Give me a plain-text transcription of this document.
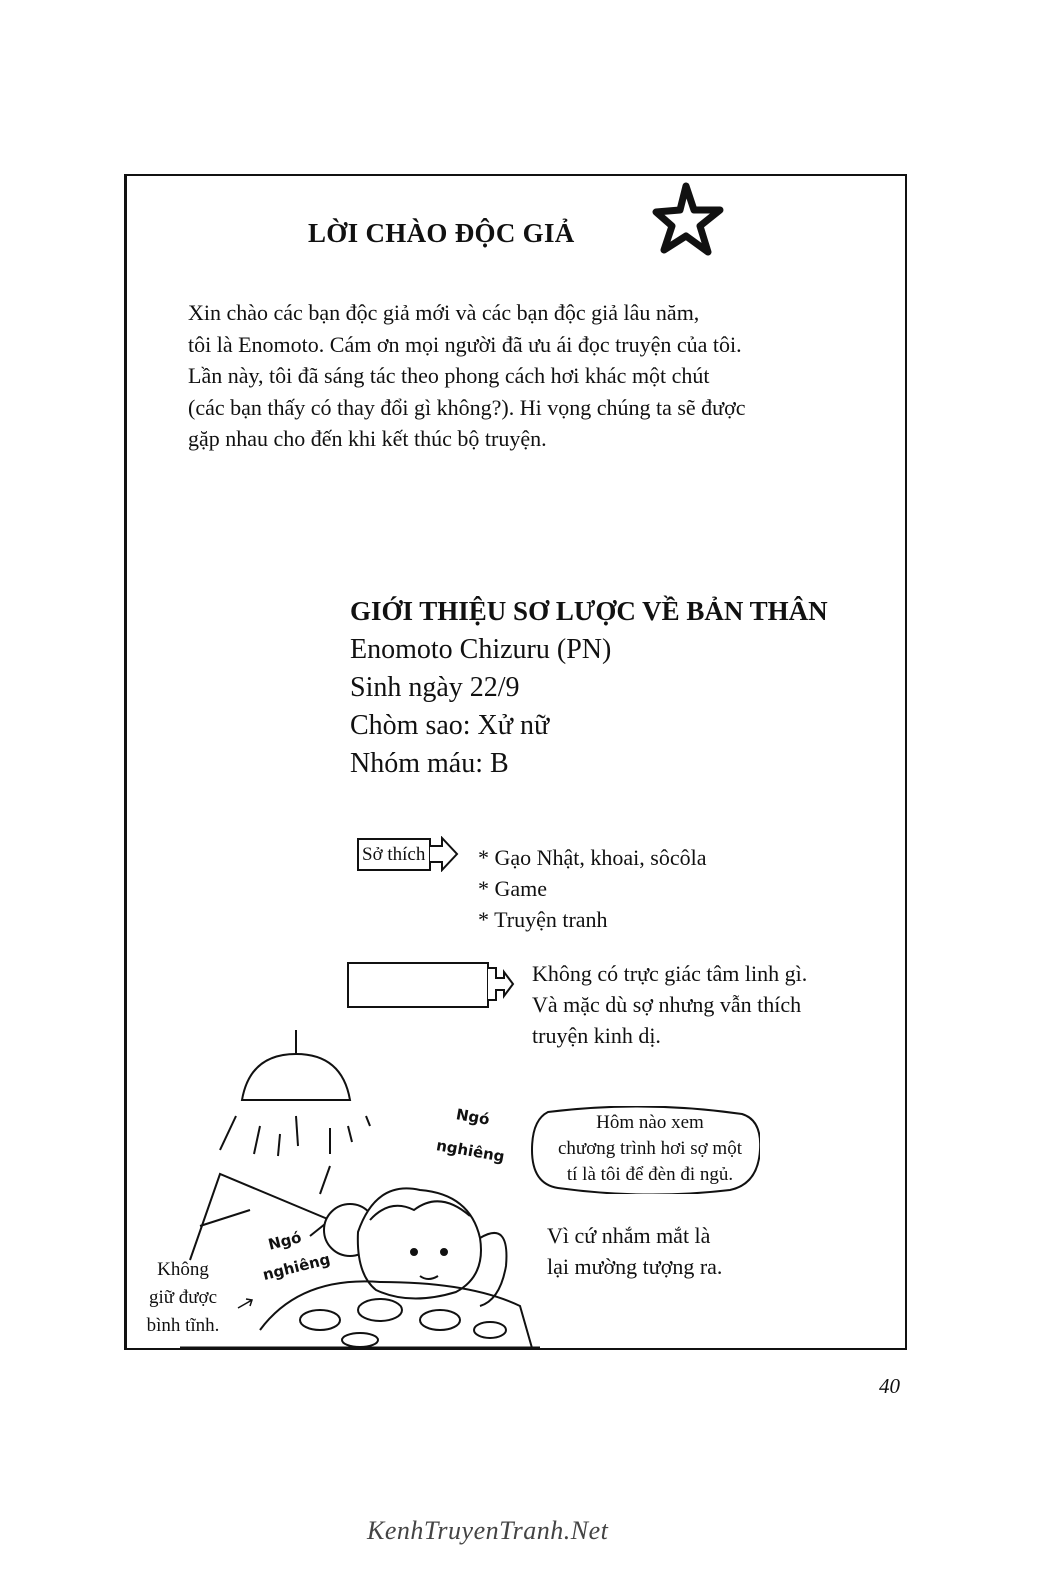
LỜI CHÀO ĐỘC GIẢ
Xin chào các bạn độc giả mới và các bạn độc giả lâu năm,
tôi là Enomoto. Cám ơn mọi người đã ưu ái đọc truyện của tôi.
Lần này, tôi đã sáng tác theo phong cách hơi khác một chút
(các bạn thấy có thay đổi gì không?). Hi vọng chúng ta sẽ được
gặp nhau cho đến khi kết thúc bộ truyện.
GIỚI THIỆU SƠ LƯỢC VỀ BẢN THÂN
Enomoto Chizuru (PN)
Sinh ngày 22/9
Chòm sao: Xử nữ
Nhóm máu: B
Sở thích * Gạo Nhật, khoai, sôcôla
* Game
* Truyện tranh
Không có trực giác tâm linh gì.
Và mặc dù sợ nhưng vẫn thích
truyện kinh dị.
Ngó
nghiêng
Ngó
nghiêng
Hôm nào xem
chương trình hơi sợ một
tí là tôi để đèn đi ngủ.
Vì cứ nhắm mắt là
lại mường tượng ra.
Không
giữ được
bình tĩnh.
40
KenhTruyenTranh.Net
